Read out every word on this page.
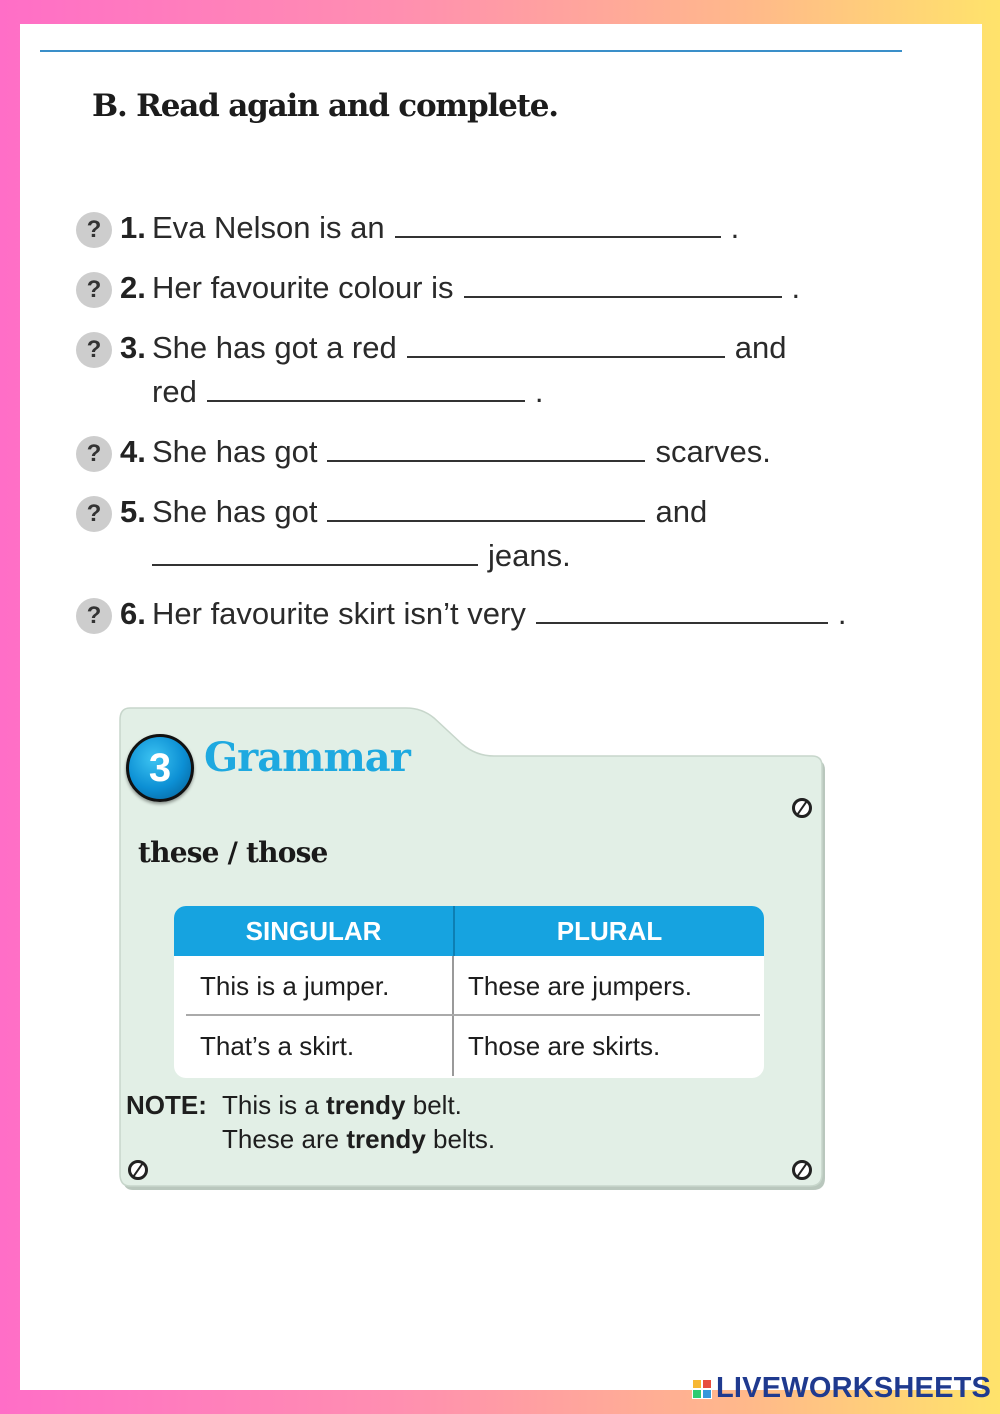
B. Read again and complete.
? 1. Eva Nelson is an	.
? 2. Her favourite colour is	.
? 3. She has got a red	and
red	.
? 4. She has got	scarves.
? 5. She has got	and
jeans.
? 6. Her favourite skirt isn’t very	.
3 Grammar
these / those
SINGULAR	PLURAL
This is a jumper.	These are jumpers.
That’s a skirt.	Those are skirts.
NOTE: This is a trendy belt.
These are trendy belts.
LIVEWORKSHEETS
